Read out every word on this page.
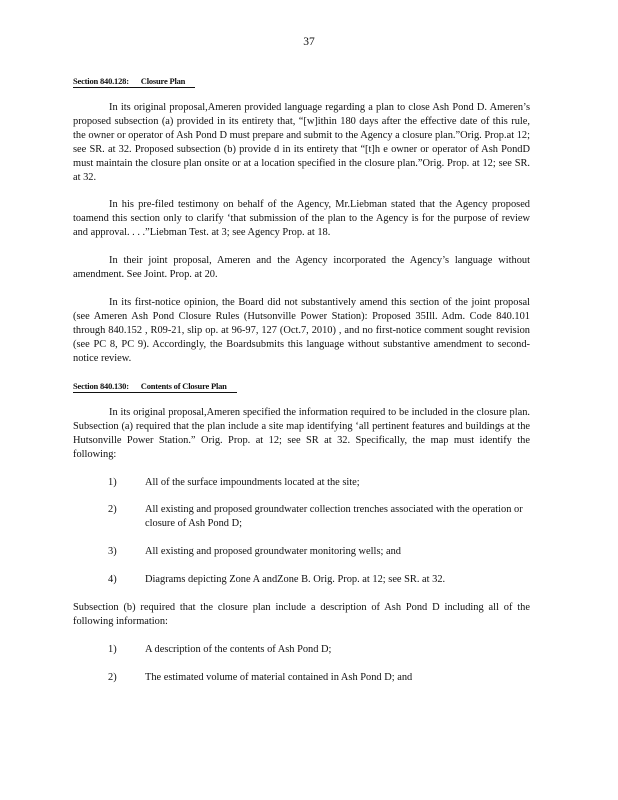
37
Section 840.128: Closure Plan
In its original proposal,Ameren provided language regarding a plan to close Ash Pond D. Ameren’s proposed subsection (a) provided in its entirety that, “[w]ithin 180 days after the effective date of this rule, the owner or operator of Ash Pond D must prepare and submit to the Agency a closure plan.”Orig. Prop.at 12; see SR. at 32. Proposed subsection (b) provide d in its entirety that “[t]h e owner or operator of Ash PondD must maintain the closure plan onsite or at a location specified in the closure plan.”Orig. Prop. at 12; see SR. at 32.
In his pre-filed testimony on behalf of the Agency, Mr.Liebman stated that the Agency proposed toamend this section only to clarify ‘that submission of the plan to the Agency is for the purpose of review and approval. . . .”Liebman Test. at 3; see Agency Prop. at 18.
In their joint proposal, Ameren and the Agency incorporated the Agency’s language without amendment. See Joint. Prop. at 20.
In its first-notice opinion, the Board did not substantively amend this section of the joint proposal (see Ameren Ash Pond Closure Rules (Hutsonville Power Station): Proposed 35Ill. Adm. Code 840.101 through 840.152 , R09-21, slip op. at 96-97, 127 (Oct.7, 2010) , and no first-notice comment sought revision (see PC 8, PC 9). Accordingly, the Boardsubmits this language without substantive amendment to second-notice review.
Section 840.130: Contents of Closure Plan
In its original proposal,Ameren specified the information required to be included in the closure plan. Subsection (a) required that the plan include a site map identifying ‘all pertinent features and buildings at the Hutsonville Power Station.” Orig. Prop. at 12; see SR at 32. Specifically, the map must identify the following:
1)	All of the surface impoundments located at the site;
2)	All existing and proposed groundwater collection trenches associated with the operation or closure of Ash Pond D;
3)	All existing and proposed groundwater monitoring wells; and
4)	Diagrams depicting Zone A andZone B. Orig. Prop. at 12; see SR. at 32.
Subsection (b) required that the closure plan include a description of Ash Pond D including all of the following information:
1)	A description of the contents of Ash Pond D;
2)	The estimated volume of material contained in Ash Pond D; and
